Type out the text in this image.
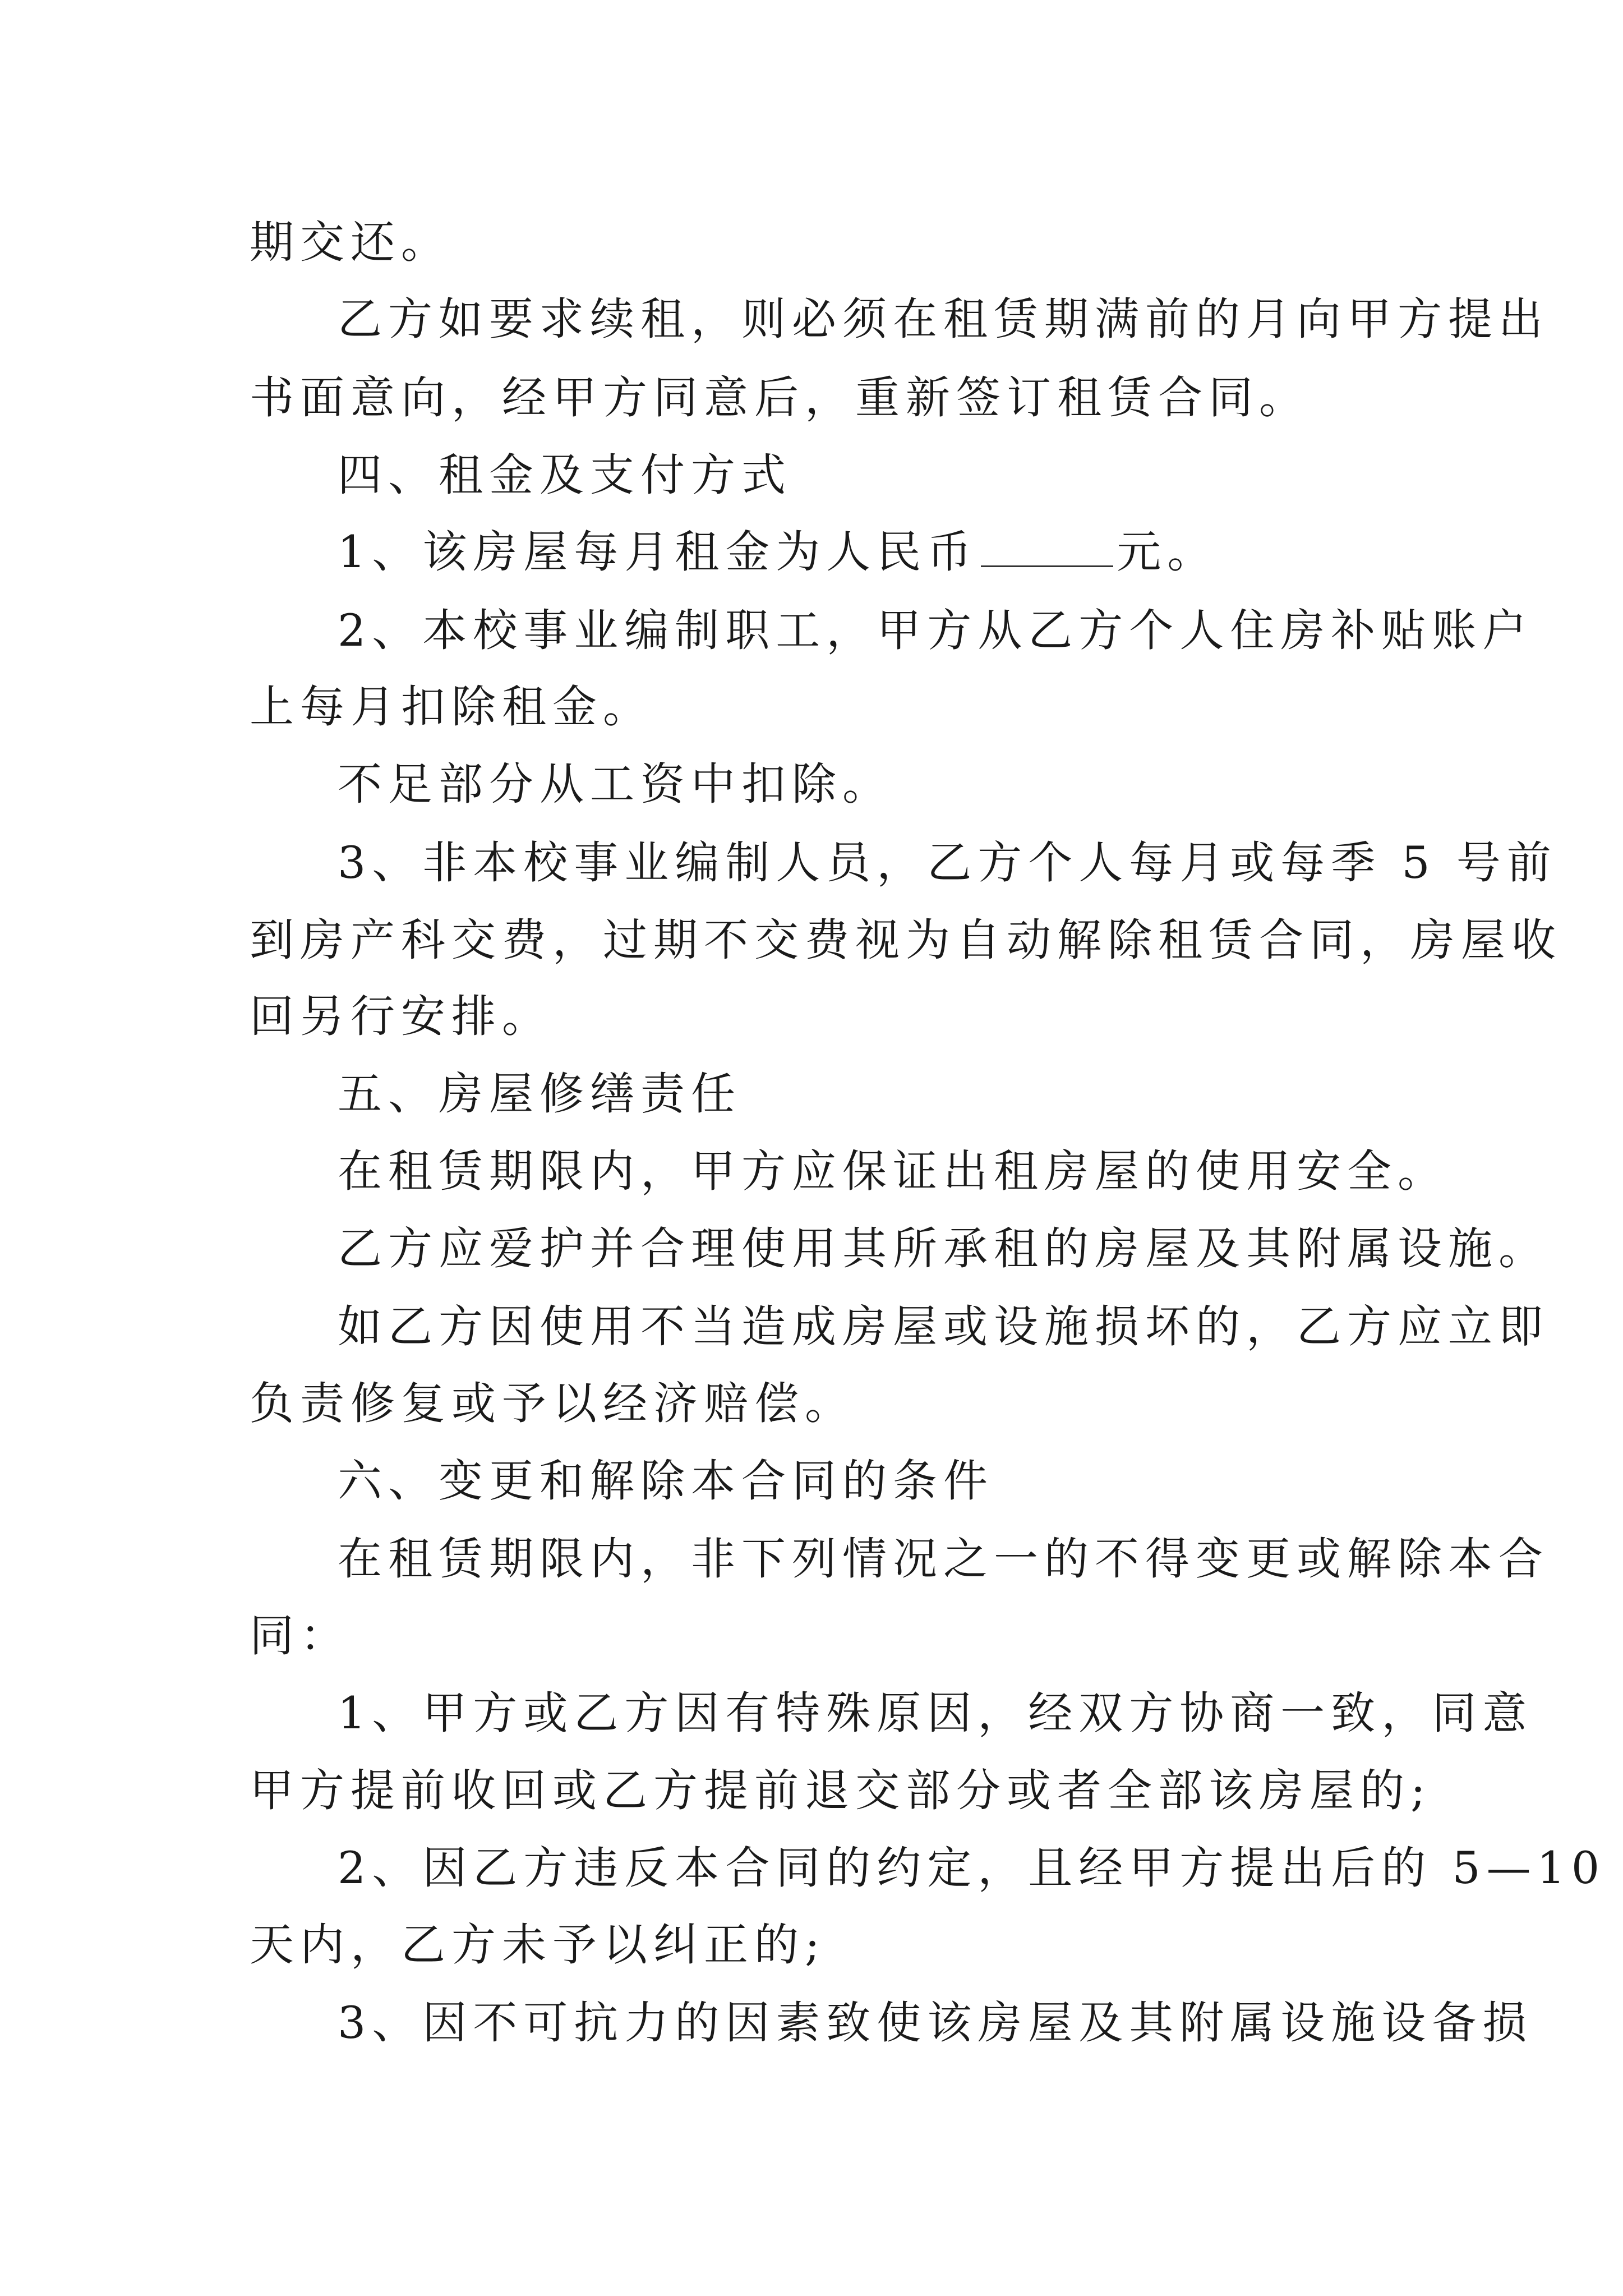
期交还。

乙方如要求续租，则必须在租赁期满前的月向甲方提出

书面意向，经甲方同意后，重新签订租赁合同。

四、租金及支付方式

1、该房屋每月租金为人民币	元。

2、本校事业编制职工，甲方从乙方个人住房补贴账户

上每月扣除租金。

不足部分从工资中扣除。

3、非本校事业编制人员，乙方个人每月或每季 5 号前

到房产科交费，过期不交费视为自动解除租赁合同，房屋收

回另行安排。

五、房屋修缮责任

在租赁期限内，甲方应保证出租房屋的使用安全。

乙方应爱护并合理使用其所承租的房屋及其附属设施。

如乙方因使用不当造成房屋或设施损坏的，乙方应立即

负责修复或予以经济赔偿。

六、变更和解除本合同的条件

在租赁期限内，非下列情况之一的不得变更或解除本合

同：

1、甲方或乙方因有特殊原因，经双方协商一致，同意

甲方提前收回或乙方提前退交部分或者全部该房屋的;

2、因乙方违反本合同的约定，且经甲方提出后的 5—10

天内，乙方未予以纠正的;

3、因不可抗力的因素致使该房屋及其附属设施设备损
